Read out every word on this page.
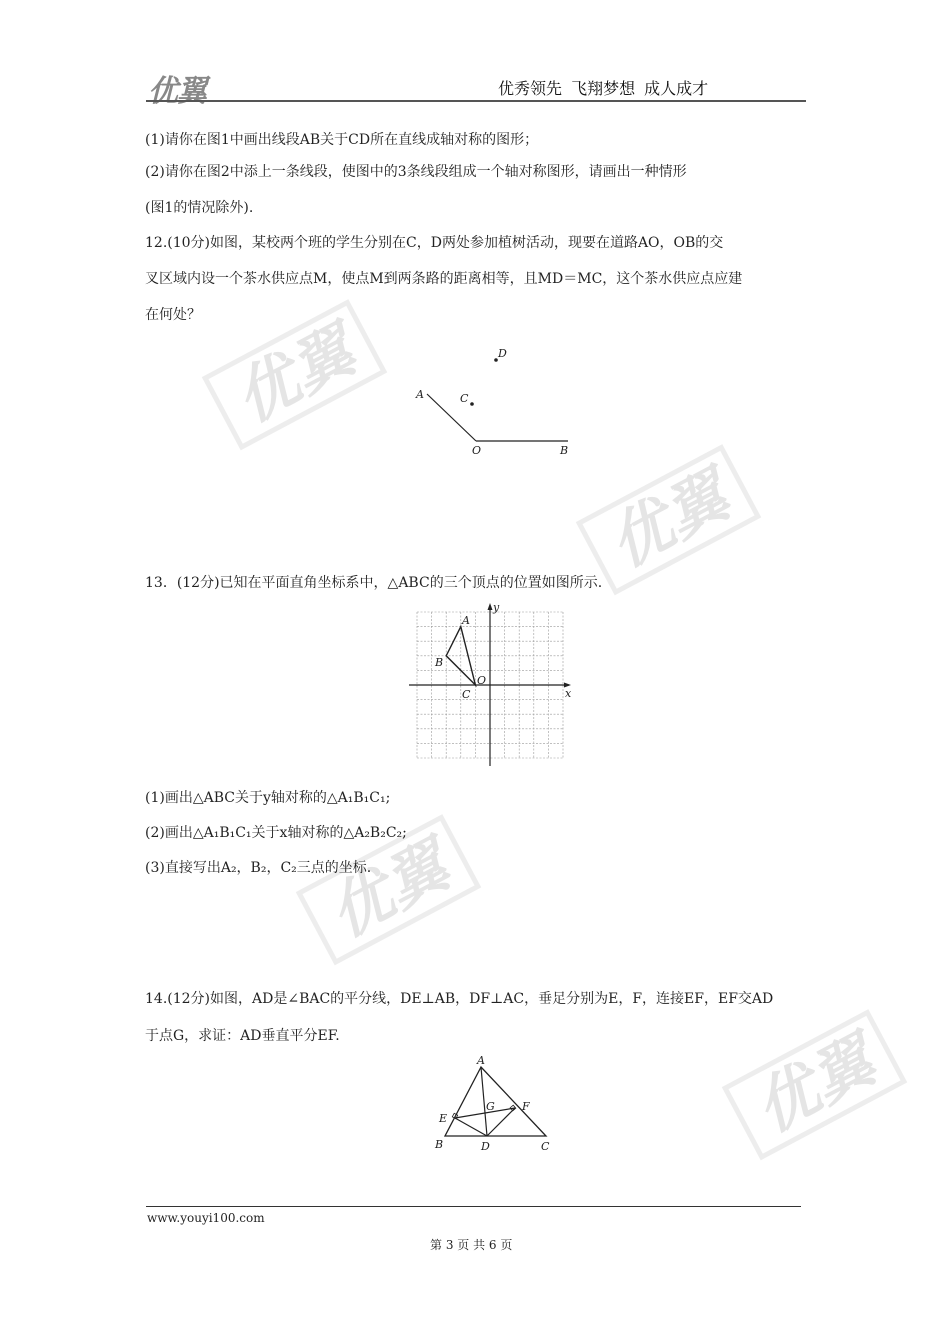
优翼	优秀领先 飞翔梦想 成人成才
优翼
优翼
优翼
优翼
(1)请你在图1中画出线段AB关于CD所在直线成轴对称的图形；
(2)请你在图2中添上一条线段，使图中的3条线段组成一个轴对称图形，请画出一种情形
(图1的情况除外).
12.(10分)如图，某校两个班的学生分别在C，D两处参加植树活动，现要在道路AO，OB的交
叉区域内设一个茶水供应点M，使点M到两条路的距离相等，且MD＝MC，这个茶水供应点应建
在何处？
D
C
A
O	B
13．(12分)已知在平面直角坐标系中，△ABC的三个顶点的位置如图所示.
A
B
C
O
x
y
(1)画出△ABC关于y轴对称的△A₁B₁C₁;
(2)画出△A₁B₁C₁关于x轴对称的△A₂B₂C₂;
(3)直接写出A₂，B₂，C₂三点的坐标.
14.(12分)如图，AD是∠BAC的平分线，DE⊥AB，DF⊥AC，垂足分别为E，F，连接EF，EF交AD
于点G，求证：AD垂直平分EF.
A
E
G F
B	D	C
www.youyi100.com
第 3 页 共 6 页
